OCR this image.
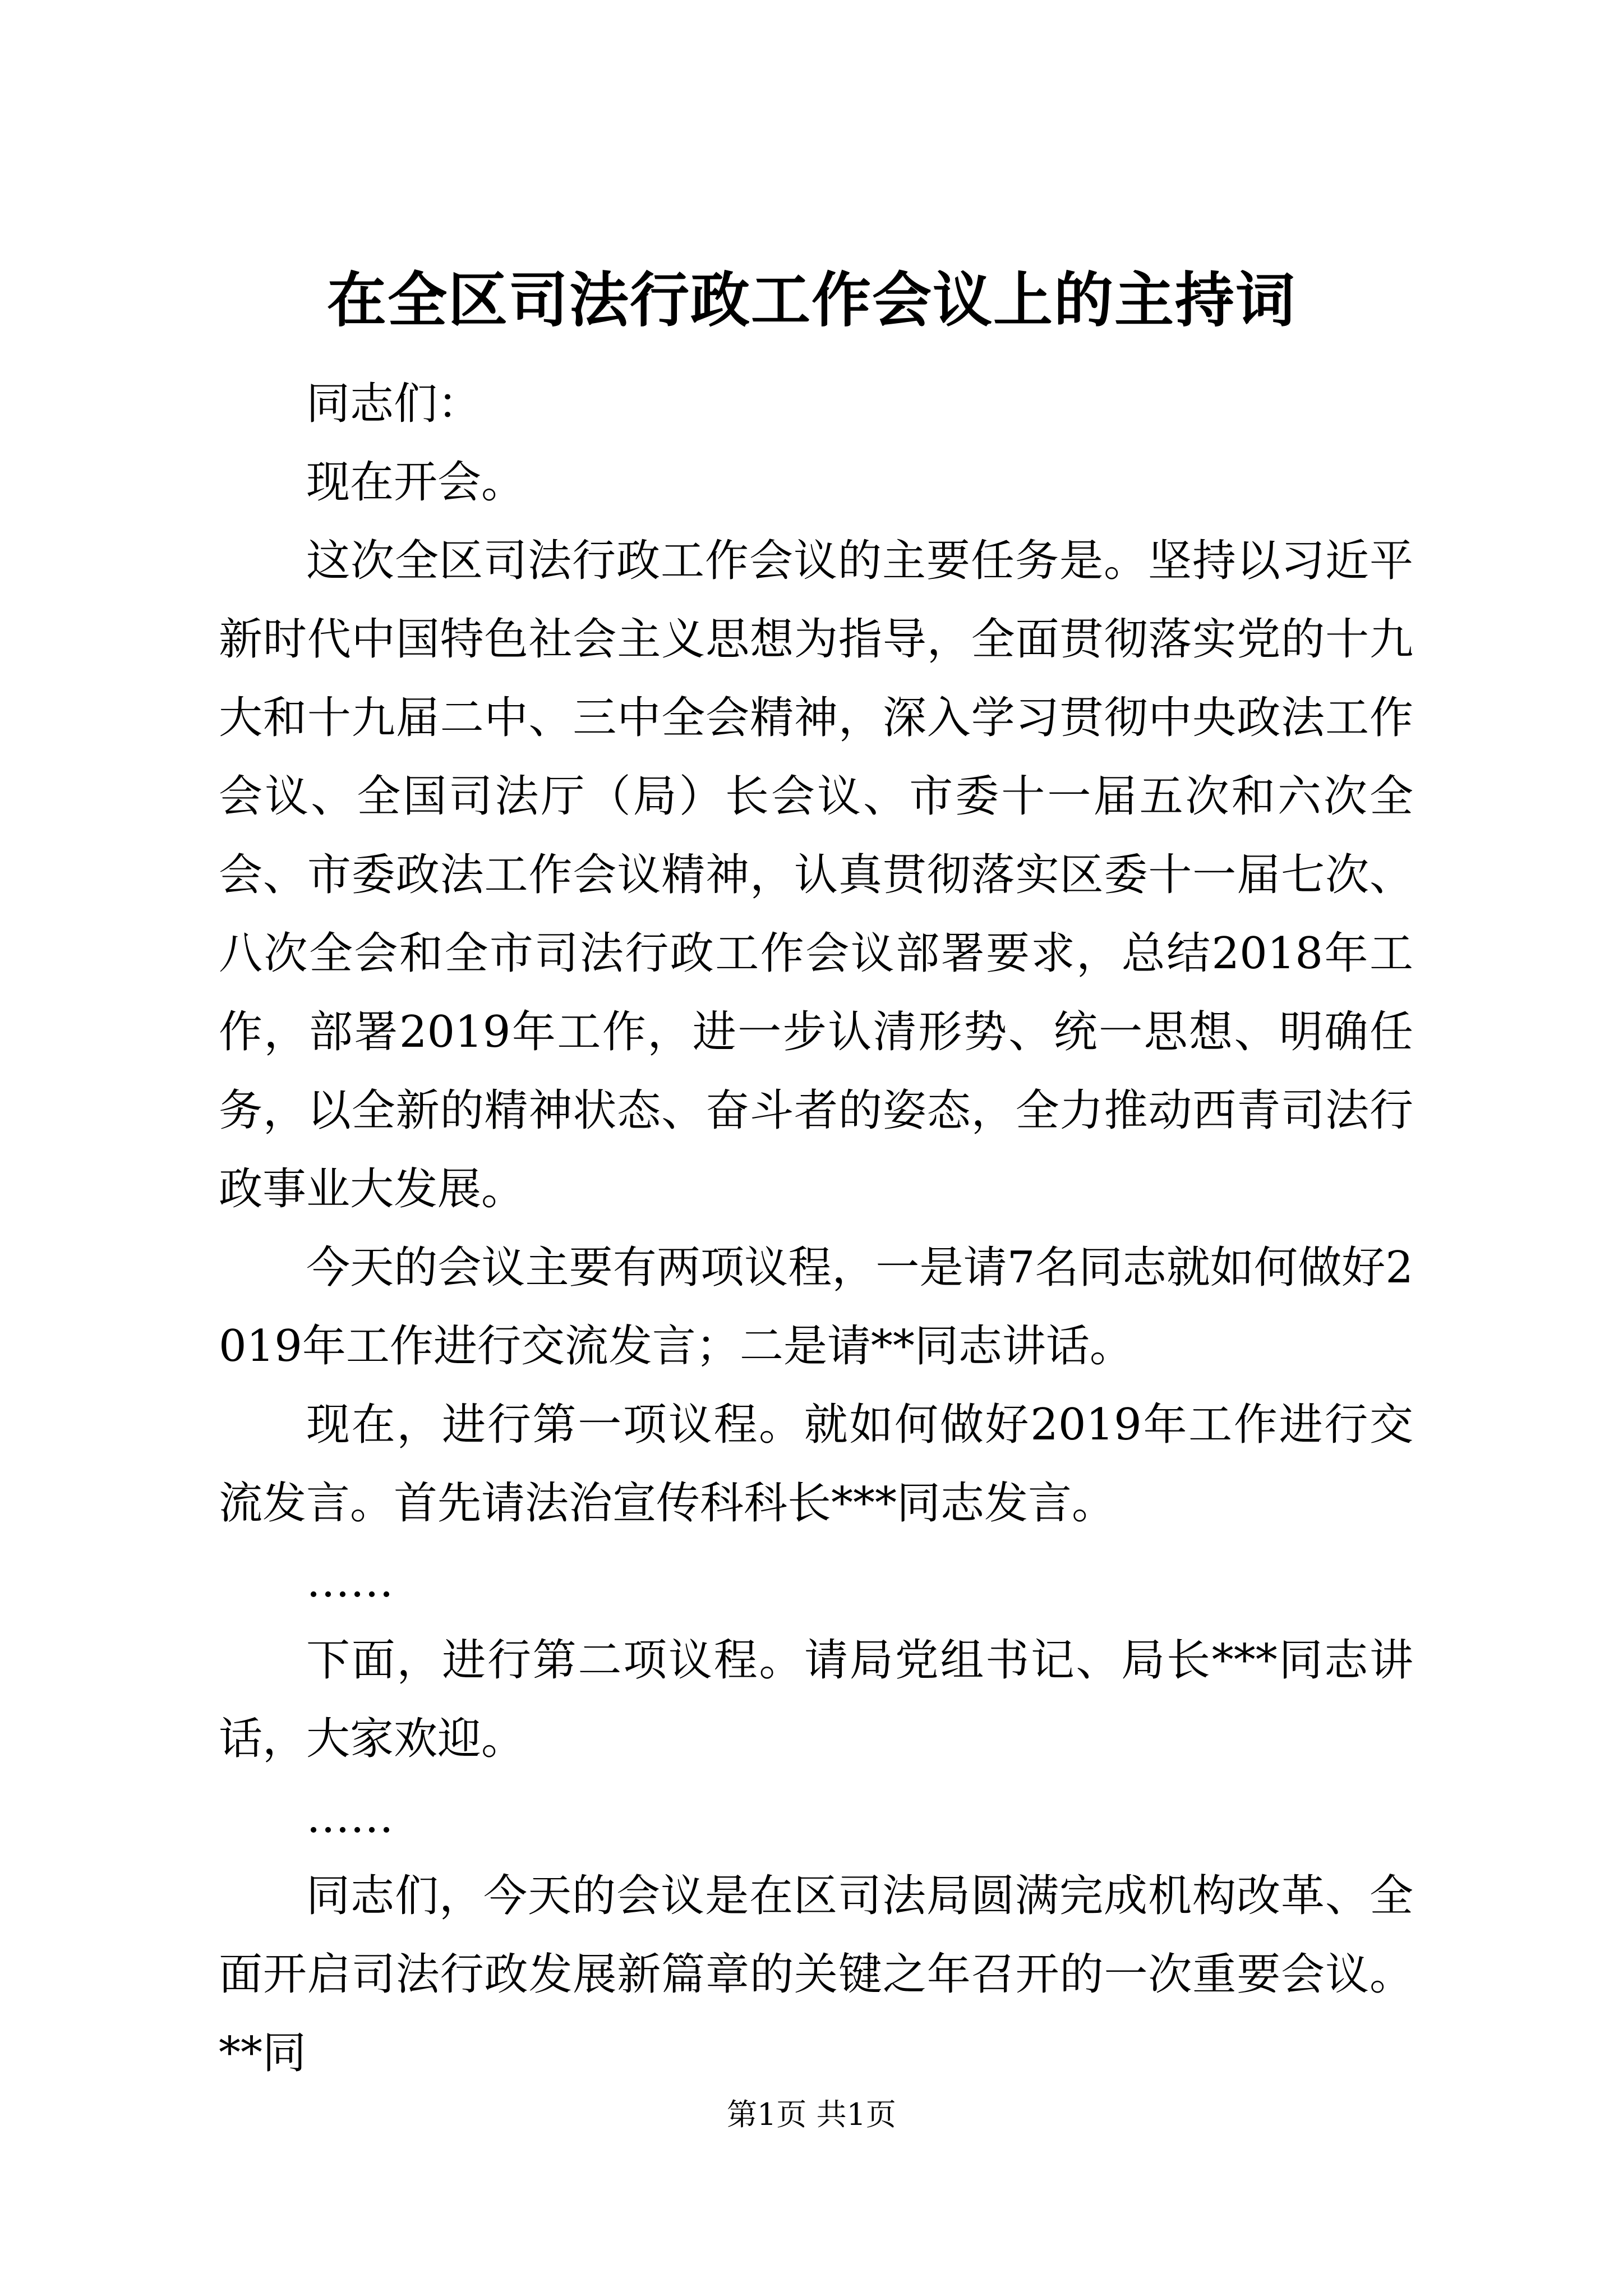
在全区司法行政工作会议上的主持词

同志们：

现在开会。

这次全区司法行政工作会议的主要任务是。坚持以习近平新时代中国特色社会主义思想为指导，全面贯彻落实党的十九大和十九届二中、三中全会精神，深入学习贯彻中央政法工作会议、全国司法厅（局）长会议、市委十一届五次和六次全会、市委政法工作会议精神，认真贯彻落实区委十一届七次、八次全会和全市司法行政工作会议部署要求，总结2018年工作，部署2019年工作，进一步认清形势、统一思想、明确任务，以全新的精神状态、奋斗者的姿态，全力推动西青司法行政事业大发展。

今天的会议主要有两项议程，一是请7名同志就如何做好2019年工作进行交流发言；二是请**同志讲话。

现在，进行第一项议程。就如何做好2019年工作进行交流发言。首先请法治宣传科科长***同志发言。

……

下面，进行第二项议程。请局党组书记、局长***同志讲话，大家欢迎。

……

同志们，今天的会议是在区司法局圆满完成机构改革、全面开启司法行政发展新篇章的关键之年召开的一次重要会议。**同

第1页 共1页
